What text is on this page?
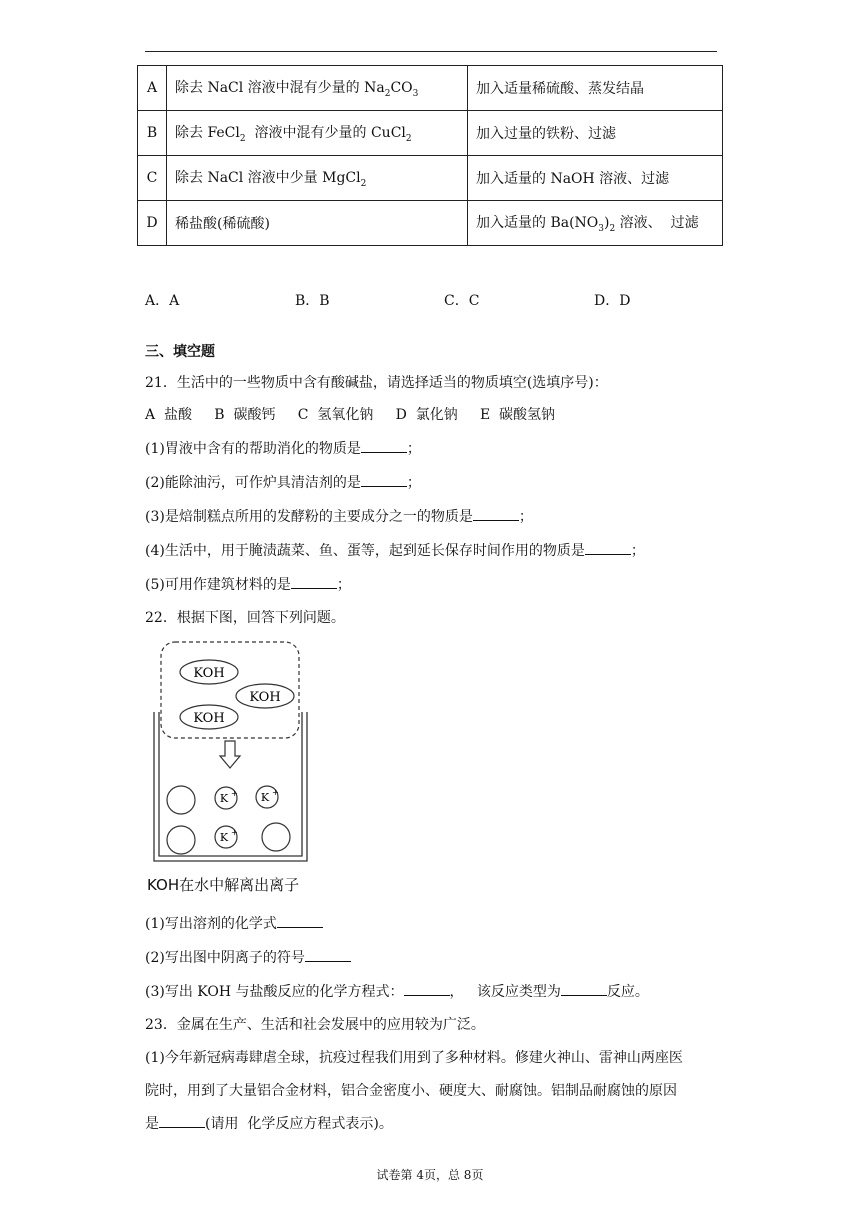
A	除去 NaCl 溶液中混有少量的 $Na_2CO_3$	加入适量稀硫酸、蒸发结晶
B	除去 FeCl$_2$  溶液中混有少量的 CuCl$_2$	加入过量的铁粉、过滤
C	除去 NaCl 溶液中少量 MgCl$_2$	加入适量的 NaOH 溶液、过滤
D	稀盐酸(稀硫酸)	加入适量的 $Ba(NO_3)_2$ 溶液、  过滤
A．A	B．B	C．C	D．D
三、填空题
21．生活中的一些物质中含有酸碱盐，请选择适当的物质填空(选填序号)：
A  盐酸     B  碳酸钙     C  氢氧化钠     D  氯化钠     E  碳酸氢钠
(1)胃液中含有的帮助消化的物质是	；
(2)能除油污，可作炉具清洁剂的是	；
(3)是焙制糕点所用的发酵粉的主要成分之一的物质是	；
(4)生活中，用于腌渍蔬菜、鱼、蛋等，起到延长保存时间作用的物质是	；
(5)可用作建筑材料的是	；
22．根据下图，回答下列问题。
KOH
KOH
KOH
K + K +
K +
KOH在水中解离出离子
(1)写出溶剂的化学式
(2)写出图中阴离子的符号
(3)写出 KOH 与盐酸反应的化学方程式：	，   该反应类型为	反应。
23．金属在生产、生活和社会发展中的应用较为广泛。
(1)今年新冠病毒肆虐全球，抗疫过程我们用到了多种材料。修建火神山、雷神山两座医
院时，用到了大量铝合金材料，铝合金密度小、硬度大、耐腐蚀。铝制品耐腐蚀的原因
是	(请用  化学反应方程式表示)。
试卷第 4页，总 8页
